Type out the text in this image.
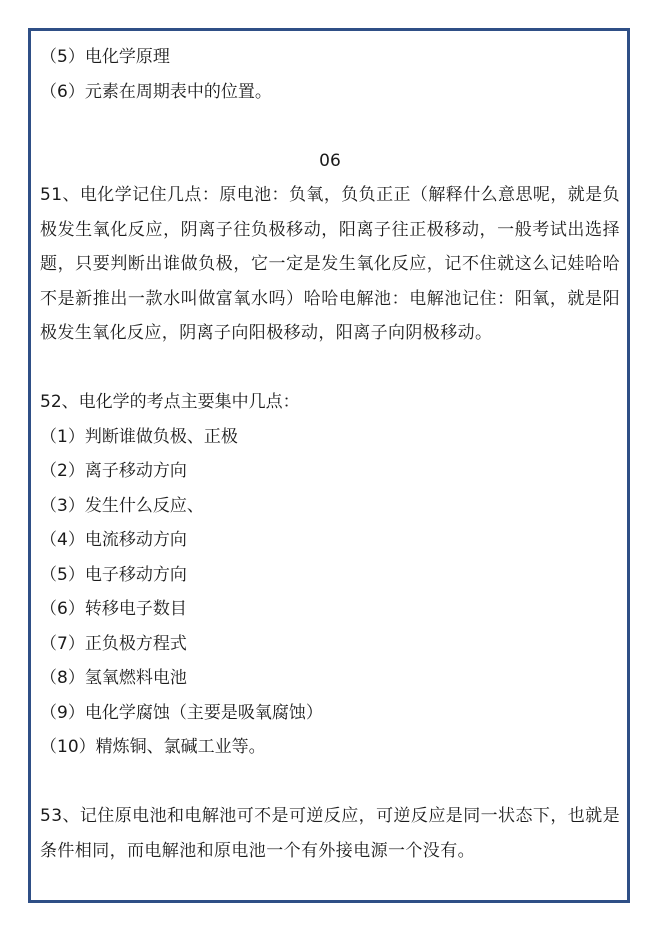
（5）电化学原理

（6）元素在周期表中的位置。

06

51、电化学记住几点：原电池：负氧，负负正正（解释什么意思呢，就是负极发生氧化反应，阴离子往负极移动，阳离子往正极移动，一般考试出选择题，只要判断出谁做负极，它一定是发生氧化反应，记不住就这么记娃哈哈不是新推出一款水叫做富氧水吗）哈哈电解池：电解池记住：阳氧，就是阳极发生氧化反应，阴离子向阳极移动，阳离子向阴极移动。

52、电化学的考点主要集中几点：

（1）判断谁做负极、正极

（2）离子移动方向

（3）发生什么反应、

（4）电流移动方向

（5）电子移动方向

（6）转移电子数目

（7）正负极方程式

（8）氢氧燃料电池

（9）电化学腐蚀（主要是吸氧腐蚀）

（10）精炼铜、氯碱工业等。

53、记住原电池和电解池可不是可逆反应，可逆反应是同一状态下，也就是条件相同，而电解池和原电池一个有外接电源一个没有。
